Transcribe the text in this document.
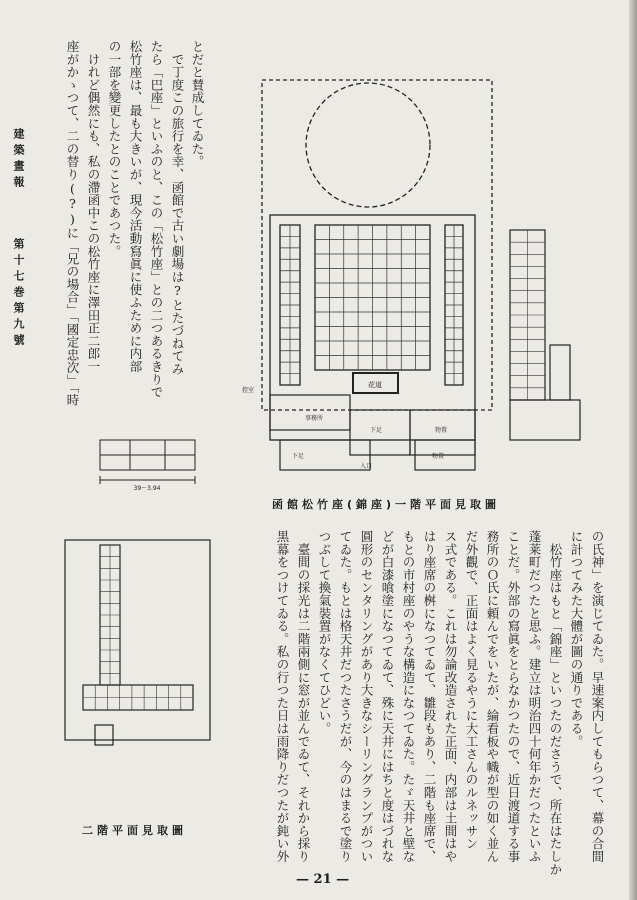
建築畫報
第十七巻第九號
とだと賛成してゐた。
　で丁度この旅行を幸、函館で古い劇場は?とたづねてみ
たら「巴座」といふのと、この「松竹座」との二つあるきりで
松竹座は、最も大きいが、現今活動寫眞に使ふために内部
の一部を變更したとのことであつた。
　けれど偶然にも、私の滯函中この松竹座に澤田正二郎一
座がかゝつて、二の替り(?)に「兄の場合」「國定忠次」「時	花道
控室
事務所
下足	物置
下足
入口
物置
39～3.94
函館松竹座(錦座)一階平面見取圖
二階平面見取圖	の氏神」を演じてゐた。早速案内してもらつて、幕の合間
に計つてみた大體が圖の通りである。
　松竹座はもと「錦座」といつたのださうで、所在はたしか
蓬莱町だつたと思ふ。建立は明治四十何年かだつたといふ
ことだ。外部の寫眞をとらなかつたので、近日渡道する事
務所のＯ氏に頼んでをいたが、綸看板や幟が型の如く並ん
だ外觀で、正面はよく見るやうに大工さんのルネッサン
ス式である。これは勿論改造された正面、内部は土間はや
はり座席の桝になつてゐて、雛段もあり、二階も座席で、
もとの市村座のやうな構造になつてゐた。たゞ天井と壁な
どが白漆喰塗になつてゐて、殊に天井にはちと度はづれな
圓形のセンタリングがあり大きなシーリングランプがつい
てゐた。もとは格天井だつたさうだが、今のはまるで塗り
つぶして換氣裝置がなくてひどい。
　臺間の採光は二階兩側に窓が並んでゐて、それから採り
黒幕をつけてゐる。私の行つた日は雨降りだつたが鈍い外
— 21 —
